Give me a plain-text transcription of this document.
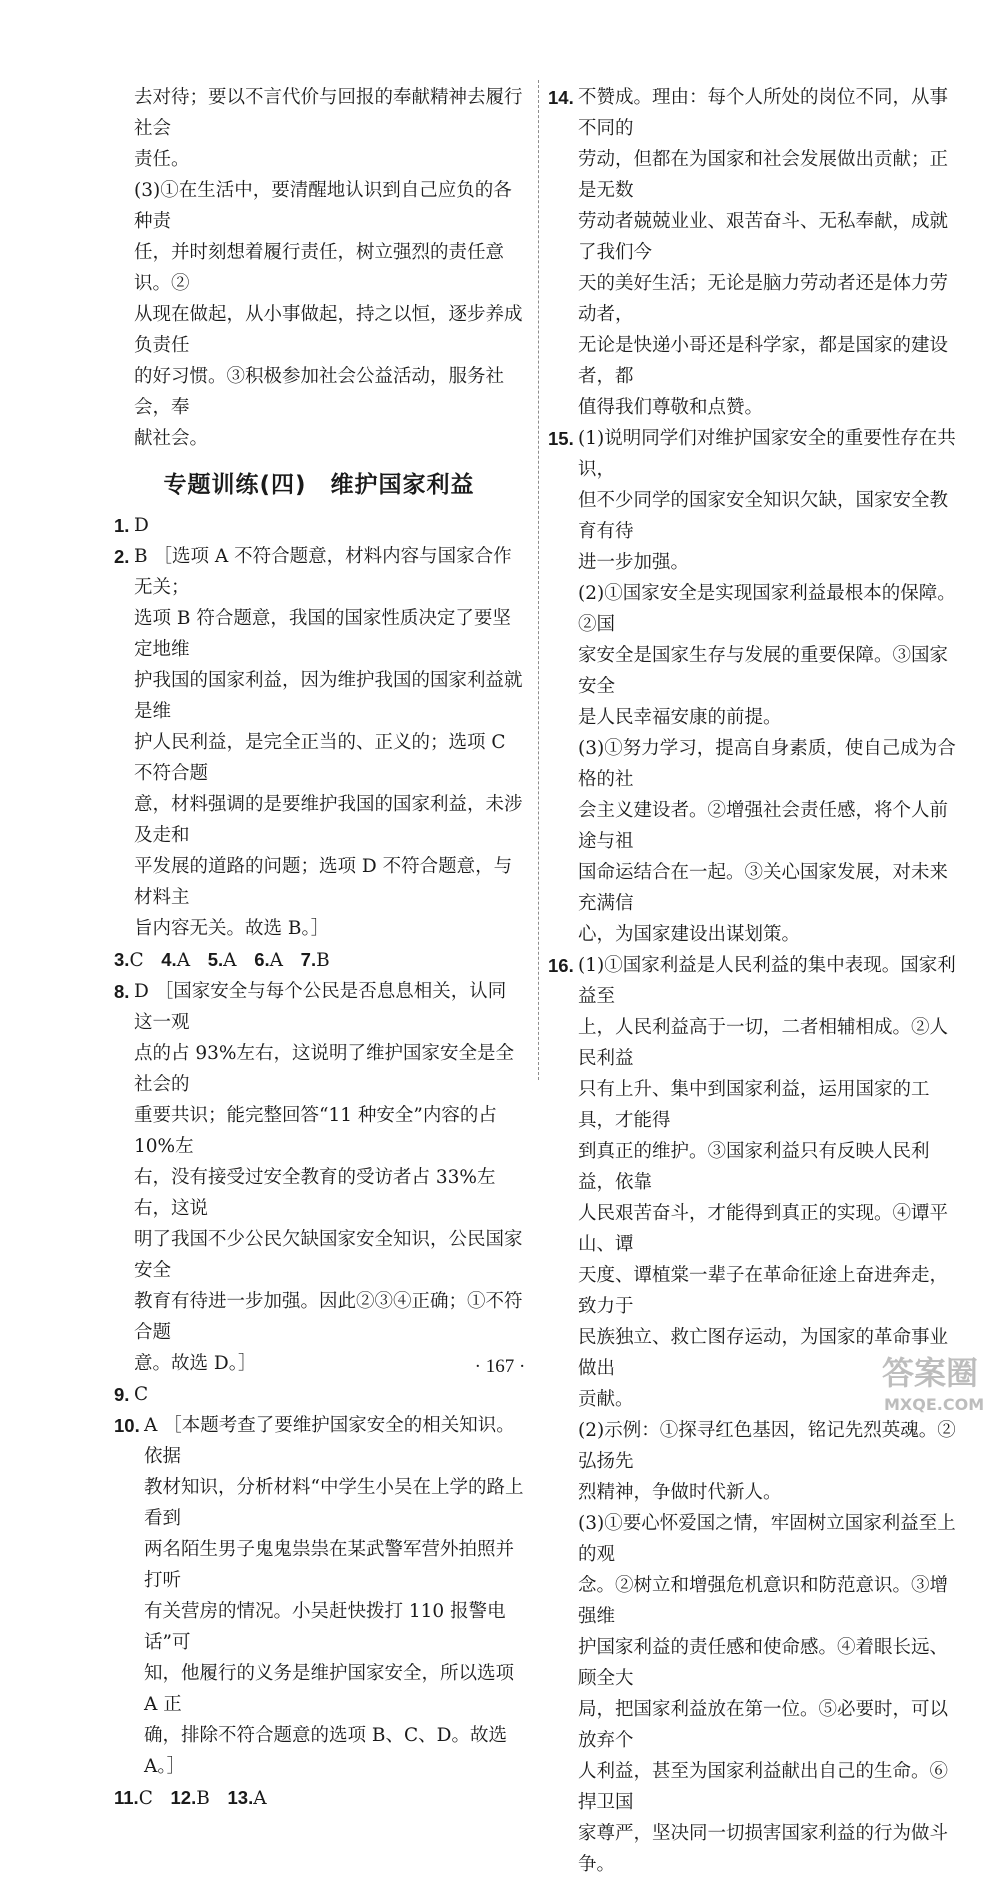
去对待；要以不言代价与回报的奉献精神去履行社会

责任。

(3)①在生活中，要清醒地认识到自己应负的各种责

任，并时刻想着履行责任，树立强烈的责任意识。②

从现在做起，从小事做起，持之以恒，逐步养成负责任

的好习惯。③积极参加社会公益活动，服务社会，奉

献社会。

专题训练(四)　维护国家利益
1. D

2. B ［选项 A 不符合题意，材料内容与国家合作无关；

选项 B 符合题意，我国的国家性质决定了要坚定地维

护我国的国家利益，因为维护我国的国家利益就是维

护人民利益，是完全正当的、正义的；选项 C 不符合题

意，材料强调的是要维护我国的国家利益，未涉及走和

平发展的道路的问题；选项 D 不符合题意，与材料主

旨内容无关。故选 B。］

3.C 4.A 5.A 6.A 7.B

8. D ［国家安全与每个公民是否息息相关，认同这一观

点的占 93%左右，这说明了维护国家安全是全社会的

重要共识；能完整回答“11 种安全”内容的占 10%左

右，没有接受过安全教育的受访者占 33%左右，这说

明了我国不少公民欠缺国家安全知识，公民国家安全

教育有待进一步加强。因此②③④正确；①不符合题

意。故选 D。］

9. C

10. A ［本题考查了要维护国家安全的相关知识。依据

教材知识，分析材料“中学生小吴在上学的路上看到

两名陌生男子鬼鬼祟祟在某武警军营外拍照并打听

有关营房的情况。小吴赶快拨打 110 报警电话”可

知，他履行的义务是维护国家安全，所以选项 A 正

确，排除不符合题意的选项 B、C、D。故选 A。］

11.C 12.B 13.A

14. 不赞成。理由：每个人所处的岗位不同，从事不同的

劳动，但都在为国家和社会发展做出贡献；正是无数

劳动者兢兢业业、艰苦奋斗、无私奉献，成就了我们今

天的美好生活；无论是脑力劳动者还是体力劳动者，

无论是快递小哥还是科学家，都是国家的建设者，都

值得我们尊敬和点赞。

15. (1)说明同学们对维护国家安全的重要性存在共识，

但不少同学的国家安全知识欠缺，国家安全教育有待

进一步加强。

(2)①国家安全是实现国家利益最根本的保障。②国

家安全是国家生存与发展的重要保障。③国家安全

是人民幸福安康的前提。

(3)①努力学习，提高自身素质，使自己成为合格的社

会主义建设者。②增强社会责任感，将个人前途与祖

国命运结合在一起。③关心国家发展，对未来充满信

心，为国家建设出谋划策。

16. (1)①国家利益是人民利益的集中表现。国家利益至

上，人民利益高于一切，二者相辅相成。②人民利益

只有上升、集中到国家利益，运用国家的工具，才能得

到真正的维护。③国家利益只有反映人民利益，依靠

人民艰苦奋斗，才能得到真正的实现。④谭平山、谭

天度、谭植棠一辈子在革命征途上奋进奔走，致力于

民族独立、救亡图存运动，为国家的革命事业做出

贡献。

(2)示例：①探寻红色基因，铭记先烈英魂。②弘扬先

烈精神，争做时代新人。

(3)①要心怀爱国之情，牢固树立国家利益至上的观

念。②树立和增强危机意识和防范意识。③增强维

护国家利益的责任感和使命感。④着眼长远、顾全大

局，把国家利益放在第一位。⑤必要时，可以放弃个

人利益，甚至为国家利益献出自己的生命。⑥捍卫国

家尊严，坚决同一切损害国家利益的行为做斗争。

· 167 ·	答案圈
MXQE.COM
